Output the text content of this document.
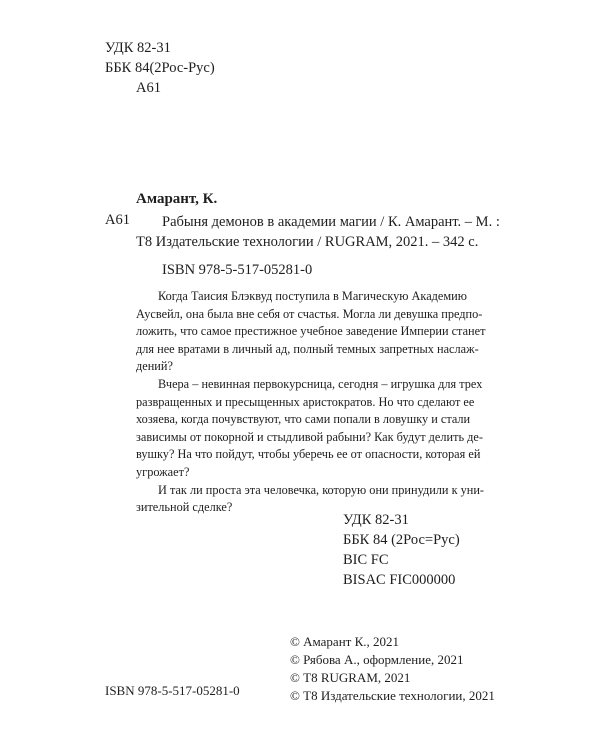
УДК 82-31
ББК 84(2Рос-Рус)
А61
Амарант, К.
А61	Рабыня демонов в академии магии / К. Амарант. – М. :
Т8 Издательские технологии / RUGRAM, 2021. – 342 с.
ISBN 978-5-517-05281-0

Когда Таисия Блэквуд поступила в Магическую Академию
Аусвейл, она была вне себя от счастья. Могла ли девушка предпо-
ложить, что самое престижное учебное заведение Империи станет
для нее вратами в личный ад, полный темных запретных наслаж-
дений?

Вчера – невинная первокурсница, сегодня – игрушка для трех
развращенных и пресыщенных аристократов. Но что сделают ее
хозяева, когда почувствуют, что сами попали в ловушку и стали
зависимы от покорной и стыдливой рабыни? Как будут делить де-
вушку? На что пойдут, чтобы уберечь ее от опасности, которая ей
угрожает?

И так ли проста эта человечка, которую они принудили к уни-
зительной сделке?

УДК 82-31
ББК 84 (2Рос=Рус)
BIC FC
BISAC FIC000000
© Амарант К., 2021
© Рябова А., оформление, 2021
© Т8 RUGRAM, 2021
© Т8 Издательские технологии, 2021
ISBN 978-5-517-05281-0
